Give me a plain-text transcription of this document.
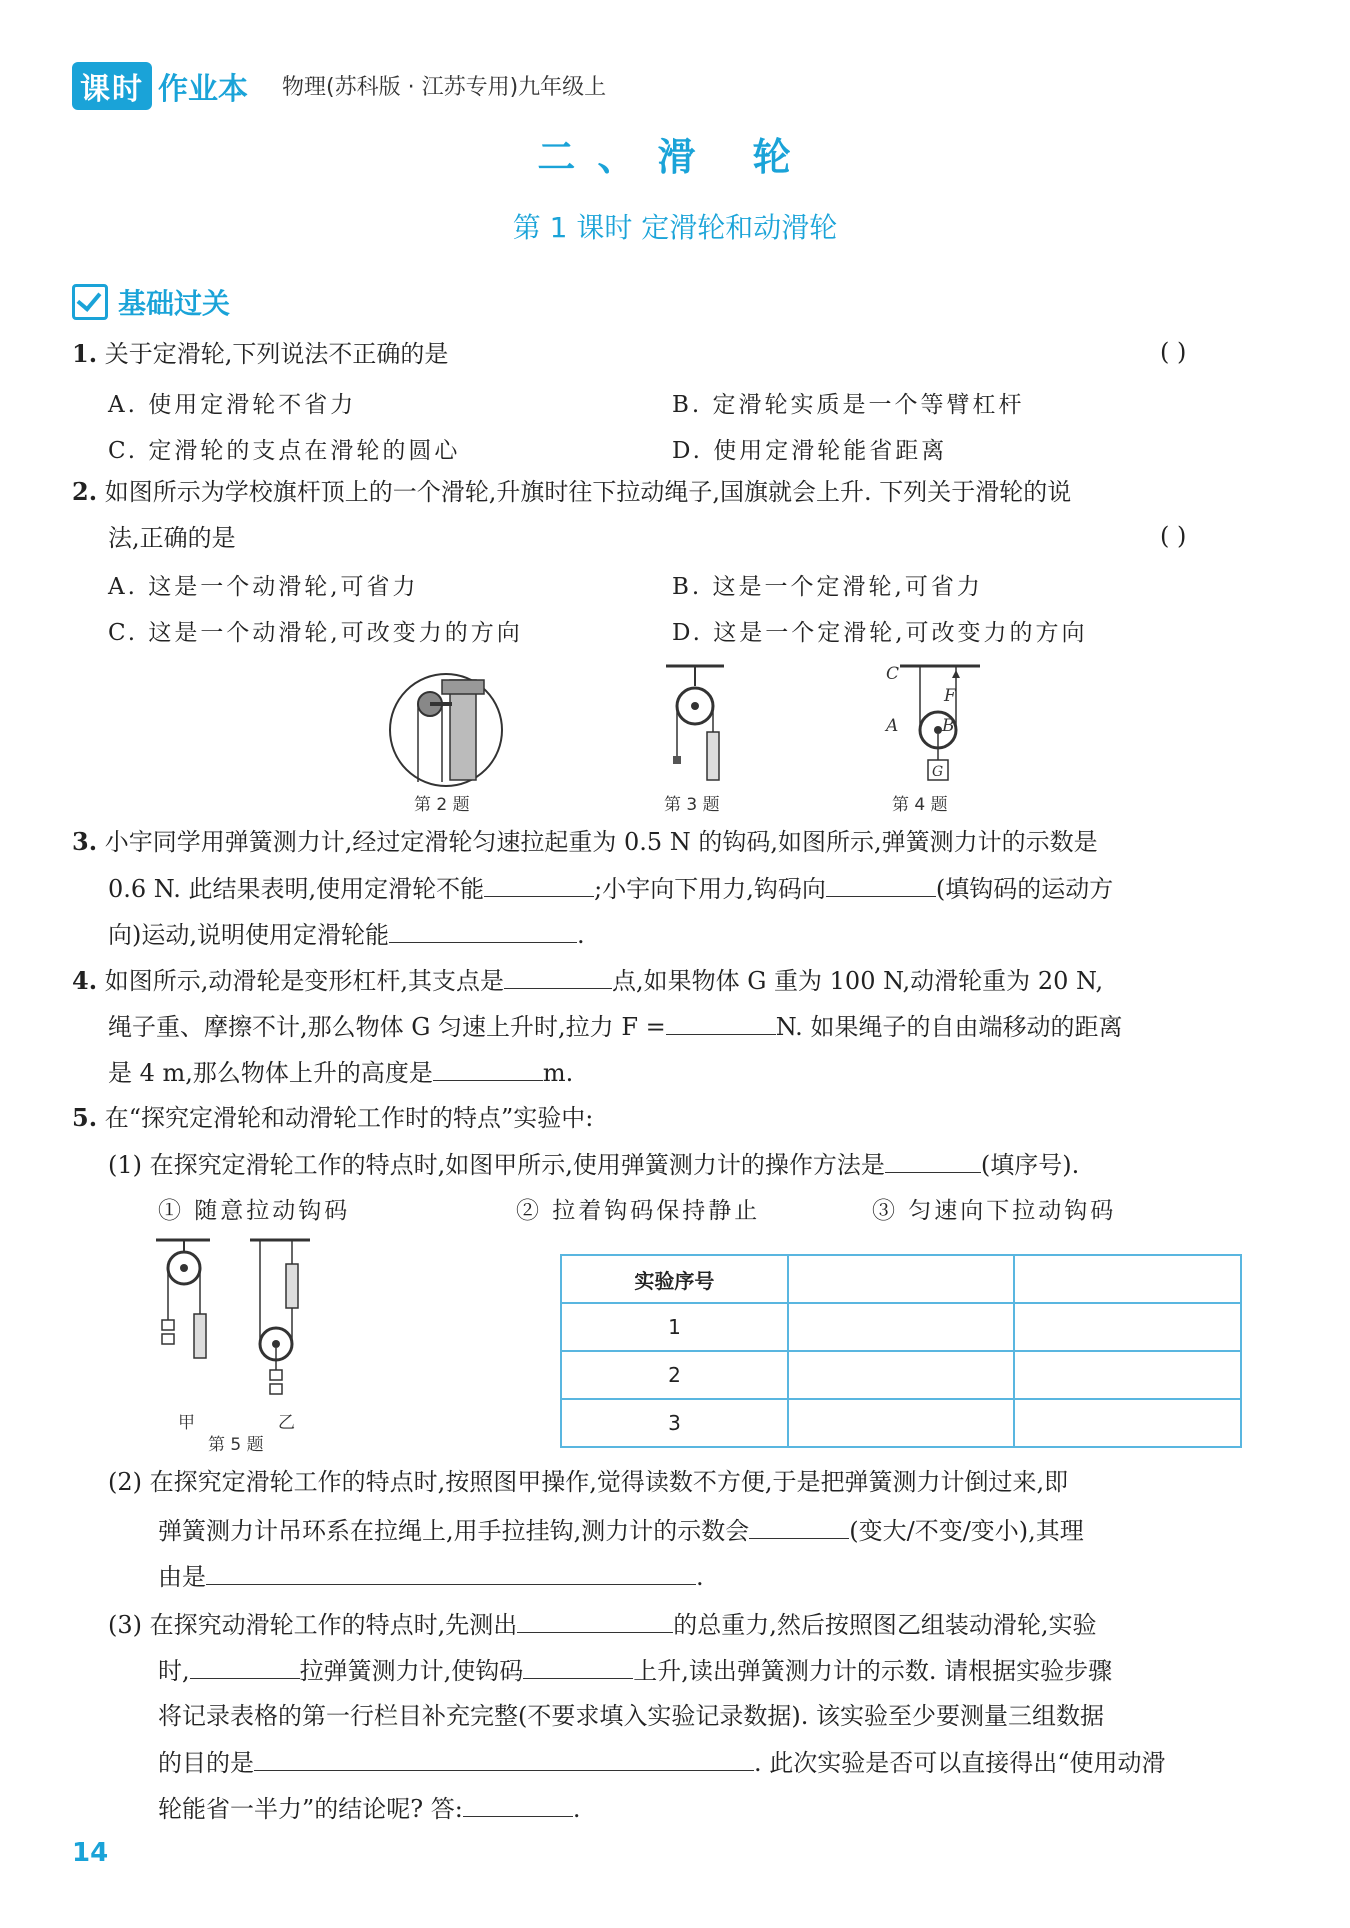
课时 作业本 物理(苏科版 · 江苏专用)九年级上
二、滑 轮
第 1 课时 定滑轮和动滑轮
基础过关
1. 关于定滑轮,下列说法不正确的是	( )
A. 使用定滑轮不省力	B. 定滑轮实质是一个等臂杠杆
C. 定滑轮的支点在滑轮的圆心	D. 使用定滑轮能省距离
2. 如图所示为学校旗杆顶上的一个滑轮,升旗时往下拉动绳子,国旗就会上升. 下列关于滑轮的说
法,正确的是	( )
A. 这是一个动滑轮,可省力	B. 这是一个定滑轮,可省力
C. 这是一个动滑轮,可改变力的方向	D. 这是一个定滑轮,可改变力的方向
第 2 题	第 3 题
C
F
A	B
G
第 4 题
3. 小宇同学用弹簧测力计,经过定滑轮匀速拉起重为 0.5 N 的钩码,如图所示,弹簧测力计的示数是
0.6 N. 此结果表明,使用定滑轮不能	;小宇向下用力,钩码向	(填钩码的运动方
向)运动,说明使用定滑轮能	.
4. 如图所示,动滑轮是变形杠杆,其支点是	点,如果物体 G 重为 100 N,动滑轮重为 20 N,
绳子重、摩擦不计,那么物体 G 匀速上升时,拉力 F =	N. 如果绳子的自由端移动的距离
是 4 m,那么物体上升的高度是	m.
5. 在“探究定滑轮和动滑轮工作时的特点”实验中:
(1) 在探究定滑轮工作的特点时,如图甲所示,使用弹簧测力计的操作方法是	(填序号).
① 随意拉动钩码	② 拉着钩码保持静止	③ 匀速向下拉动钩码
甲	乙
第 5 题
实验序号		
1		
2		
3		
(2) 在探究定滑轮工作的特点时,按照图甲操作,觉得读数不方便,于是把弹簧测力计倒过来,即
弹簧测力计吊环系在拉绳上,用手拉挂钩,测力计的示数会	(变大/不变/变小),其理
由是	.
(3) 在探究动滑轮工作的特点时,先测出	的总重力,然后按照图乙组装动滑轮,实验
时,	拉弹簧测力计,使钩码	上升,读出弹簧测力计的示数. 请根据实验步骤
将记录表格的第一行栏目补充完整(不要求填入实验记录数据). 该实验至少要测量三组数据
的目的是	. 此次实验是否可以直接得出“使用动滑
轮能省一半力”的结论呢? 答:	.
14
